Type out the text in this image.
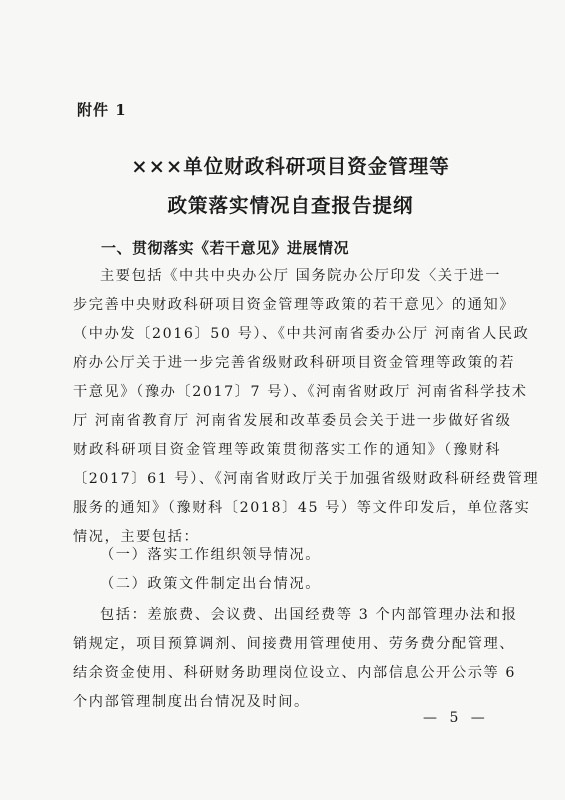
附件 1
×××单位财政科研项目资金管理等
政策落实情况自查报告提纲
一、贯彻落实《若干意见》进展情况
主要包括《中共中央办公厅 国务院办公厅印发〈关于进一
步完善中央财政科研项目资金管理等政策的若干意见〉的通知》
（中办发〔2016〕50 号）、《中共河南省委办公厅 河南省人民政
府办公厅关于进一步完善省级财政科研项目资金管理等政策的若
干意见》（豫办〔2017〕7 号）、《河南省财政厅 河南省科学技术
厅 河南省教育厅 河南省发展和改革委员会关于进一步做好省级
财政科研项目资金管理等政策贯彻落实工作的通知》（豫财科
〔2017〕61 号）、《河南省财政厅关于加强省级财政科研经费管理
服务的通知》（豫财科〔2018〕45 号）等文件印发后，单位落实
情况，主要包括：
（一）落实工作组织领导情况。
（二）政策文件制定出台情况。
包括：差旅费、会议费、出国经费等 3 个内部管理办法和报
销规定，项目预算调剂、间接费用管理使用、劳务费分配管理、
结余资金使用、科研财务助理岗位设立、内部信息公开公示等 6
个内部管理制度出台情况及时间。
— 5 —
